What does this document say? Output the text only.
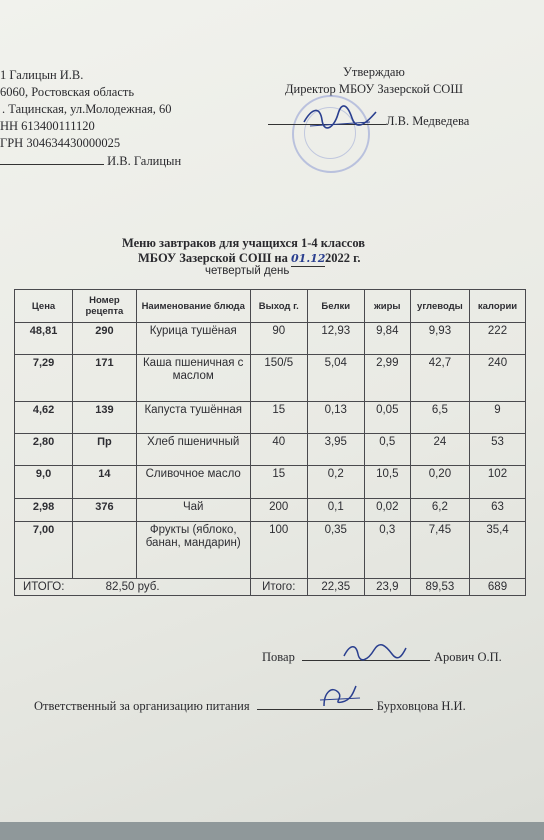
1 Галицын И.В.
6060, Ростовская область
. Тацинская, ул.Молодежная, 60
НН 613400111120
ГРН 304634430000025
И.В. Галицын
Утверждаю
Директор МБОУ Зазерской СОШ
Л.В. Медведева
Меню завтраков для учащихся 1-4 классов
МБОУ Зазерской СОШ на 01.12.2022 г.
четвертый день
Цена	Номер рецепта	Наименование блюда	Выход г.	Белки	жиры	углеводы	калории
48,81	290	Курица тушёная	90	12,93	9,84	9,93	222
7,29	171	Каша пшеничная с маслом	150/5	5,04	2,99	42,7	240
4,62	139	Капуста тушённая	15	0,13	0,05	6,5	9
2,80	Пр	Хлеб пшеничный	40	3,95	0,5	24	53
9,0	14	Сливочное масло	15	0,2	10,5	0,20	102
2,98	376	Чай	200	0,1	0,02	6,2	63
7,00		Фрукты (яблоко, банан, мандарин)	100	0,35	0,3	7,45	35,4
ИТОГО: 82,50 руб.			Итого:	22,35	23,9	89,53	689
Повар	Арович О.П.
Ответственный за организацию питания	Бурховцова Н.И.
